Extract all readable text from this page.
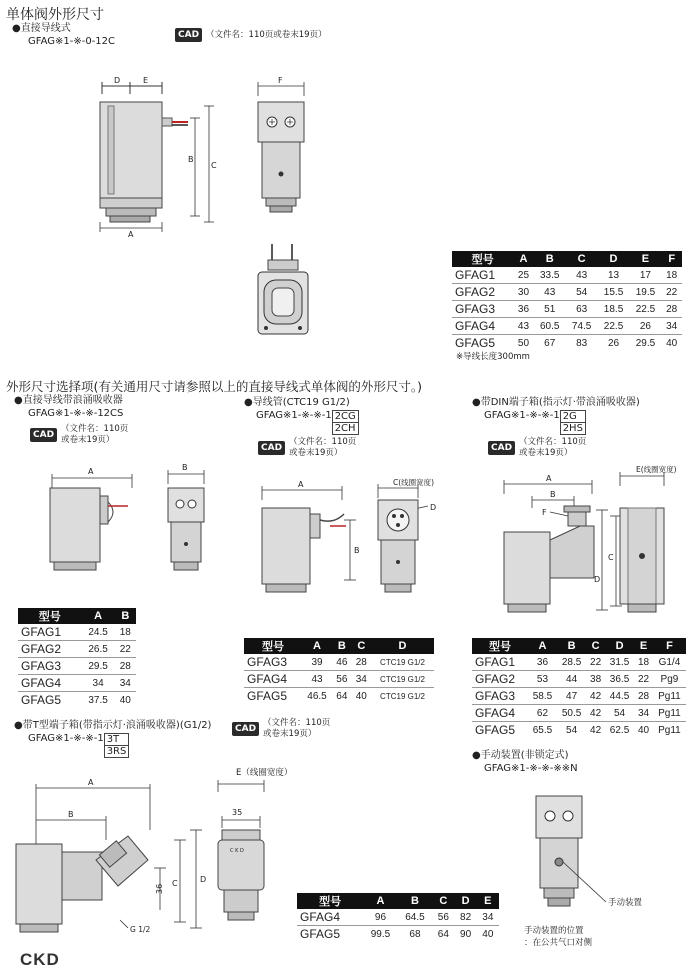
单体阀外形尺寸
●直接导线式
GFAG※1-※-0-12C
CAD （文件名：110页或卷末19页）
D	E
A
B
C
F
型号	A	B	C	D	E	F
GFAG1	25	33.5	43	13	17	18
GFAG2	30	43	54	15.5	19.5	22
GFAG3	36	51	63	18.5	22.5	28
GFAG4	43	60.5	74.5	22.5	26	34
GFAG5	50	67	83	26	29.5	40
※导线长度300mm
外形尺寸选择项(有关通用尺寸请参照以上的直接导线式单体阀的外形尺寸。)
●直接导线带浪涌吸收器
GFAG※1-※-※-12CS
CAD
（文件名：110页
或卷末19页）
A	B
型号	A	B
GFAG1	24.5	18
GFAG2	26.5	22
GFAG3	29.5	28
GFAG4	34	34
GFAG5	37.5	40
●导线管(CTC19 G1/2)
GFAG※1-※-※-1 2CG
2CH
CAD
（文件名：110页
或卷末19页）
A	C(线圈宽度)
B
D
型号	A	B	C	D
GFAG3	39	46	28	CTC19 G1/2
GFAG4	43	56	34	CTC19 G1/2
GFAG5	46.5	64	40	CTC19 G1/2
●带DIN端子箱(指示灯·带浪涌吸收器)
GFAG※1-※-※-1 2G
2HS
CAD
（文件名：110页
或卷末19页）
A
B
E(线圈宽度)
F
D
C
型号	A	B	C	D	E	F
GFAG1	36	28.5	22	31.5	18	G1/4
GFAG2	53	44	38	36.5	22	Pg9
GFAG3	58.5	47	42	44.5	28	Pg11
GFAG4	62	50.5	42	54	34	Pg11
GFAG5	65.5	54	42	62.5	40	Pg11
●带T型端子箱(带指示灯·浪涌吸收器)(G1/2)
GFAG※1-※-※-1 3T
3RS
CAD
（文件名：110页
或卷末19页）
A
B
C	D
36
G 1/2
E（线圈宽度）
35
C K D
型号	A	B	C	D	E
GFAG4	96	64.5	56	82	34
GFAG5	99.5	68	64	90	40
●手动装置(非锁定式)
GFAG※1-※-※-※※N
手动装置
手动装置的位置
：在公共气口对侧
CKD
